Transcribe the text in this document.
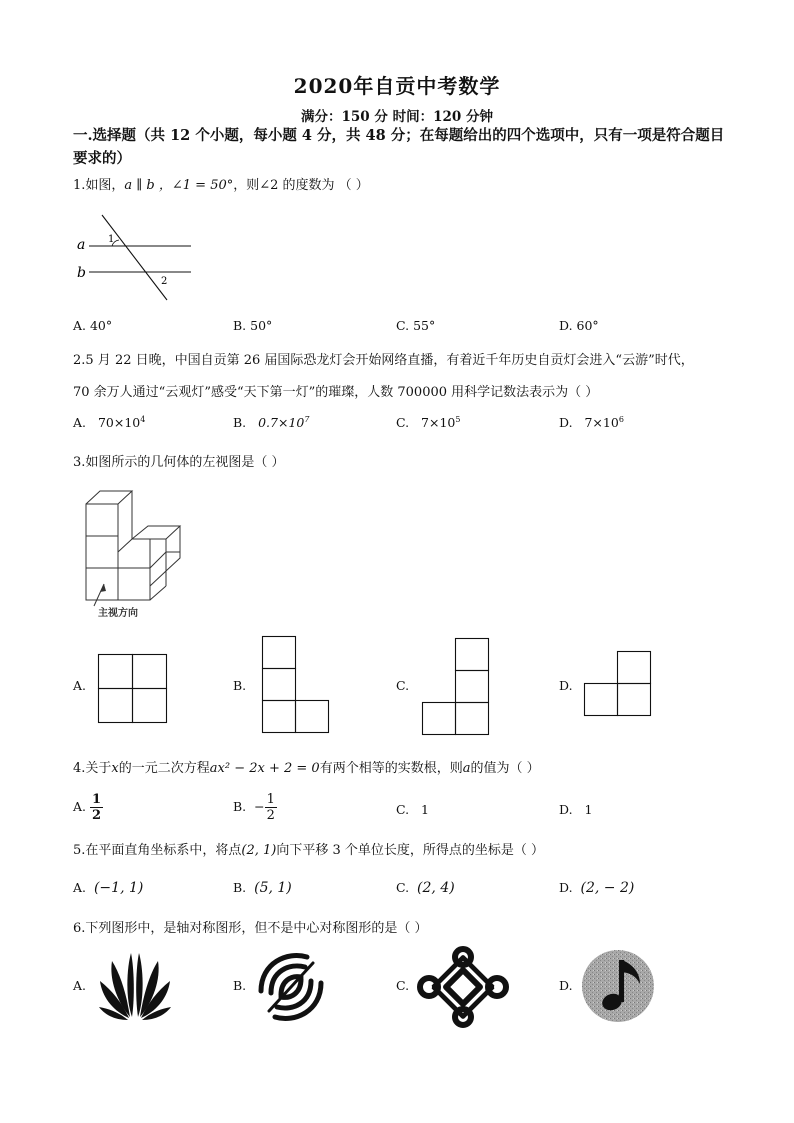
2020年自贡中考数学
满分：150 分 时间：120 分钟
一.选择题（共 12 个小题，每小题 4 分，共 48 分；在每题给出的四个选项中，只有一项是符合题目要求的）
1.如图，a ∥ b ，∠1 = 50°，则∠2 的度数为 （ ）
a
b
1
2
A. 40°	B. 50°	C. 55°	D. 60°
2.5 月 22 日晚，中国自贡第 26 届国际恐龙灯会开始网络直播，有着近千年历史自贡灯会进入“云游”时代，
70 余万人通过“云观灯”感受“天下第一灯”的璀璨，人数 700000 用科学记数法表示为（ ）
A. $70\times 10^4$	B. $0.7\times 10^7$	C. $7\times 10^5$	D. $7\times 10^6$
3.如图所示的几何体的左视图是（ ）
主视方向
A.	B.	C.	D.
4.关于x的一元二次方程ax² − 2x + 2 = 0有两个相等的实数根，则a的值为（ ）
A. $\frac{1}{2}$	B. − $\frac{1}{2}$	C. 1	D. 1
5.在平面直角坐标系中，将点(2, 1)向下平移 3 个单位长度，所得点的坐标是（ ）
A. (−1, 1)	B. (5, 1)	C. (2, 4)	D. (2, − 2)
6.下列图形中，是轴对称图形，但不是中心对称图形的是（ ）
A.	B.	C.	D.
